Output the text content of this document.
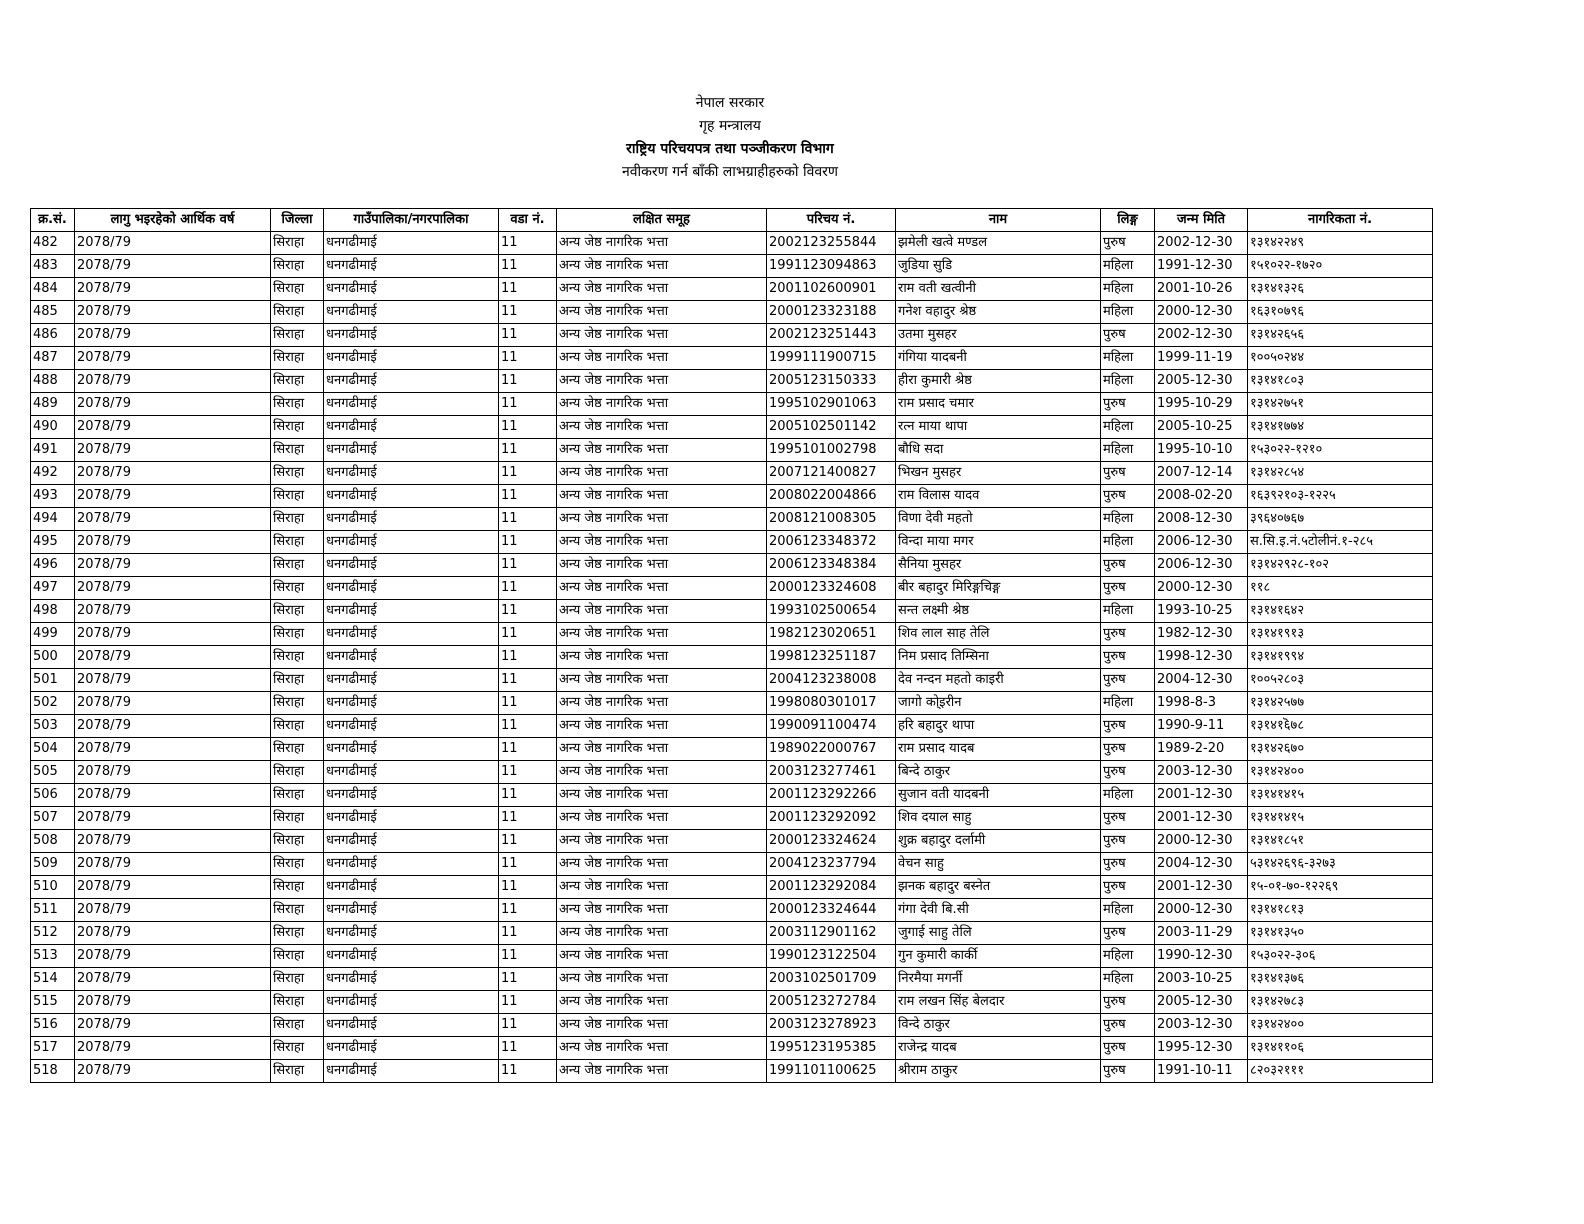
नेपाल सरकार
गृह मन्त्रालय
राष्ट्रिय परिचयपत्र तथा पञ्जीकरण विभाग
नवीकरण गर्न बाँकी लाभग्राहीहरुको विवरण
क्र.सं.	लागु भइरहेको आर्थिक वर्ष	जिल्ला	गाउँपालिका/नगरपालिका	वडा नं.	लक्षित समूह	परिचय नं.	नाम	लिङ्ग	जन्म मिति	नागरिकता नं.
482	2078/79	सिराहा	धनगढीमाई	11	अन्य जेष्ठ नागरिक भत्ता	2002123255844	झमेली खत्वे मण्डल	पुरुष	2002-12-30	१३१४२२४९
483	2078/79	सिराहा	धनगढीमाई	11	अन्य जेष्ठ नागरिक भत्ता	1991123094863	जुडिया सुडि	महिला	1991-12-30	१५१०२२-१७२०
484	2078/79	सिराहा	धनगढीमाई	11	अन्य जेष्ठ नागरिक भत्ता	2001102600901	राम वती खत्वीनी	महिला	2001-10-26	१३१४१३२६
485	2078/79	सिराहा	धनगढीमाई	11	अन्य जेष्ठ नागरिक भत्ता	2000123323188	गनेश वहादुर श्रेष्ठ	महिला	2000-12-30	१६३१०७९६
486	2078/79	सिराहा	धनगढीमाई	11	अन्य जेष्ठ नागरिक भत्ता	2002123251443	उतमा मुसहर	पुरुष	2002-12-30	१३१४२६५६
487	2078/79	सिराहा	धनगढीमाई	11	अन्य जेष्ठ नागरिक भत्ता	1999111900715	गंगिया यादबनी	महिला	1999-11-19	१००५०२४४
488	2078/79	सिराहा	धनगढीमाई	11	अन्य जेष्ठ नागरिक भत्ता	2005123150333	हीरा कुमारी श्रेष्ठ	महिला	2005-12-30	१३१४१८०३
489	2078/79	सिराहा	धनगढीमाई	11	अन्य जेष्ठ नागरिक भत्ता	1995102901063	राम प्रसाद चमार	पुरुष	1995-10-29	१३१४२७५१
490	2078/79	सिराहा	धनगढीमाई	11	अन्य जेष्ठ नागरिक भत्ता	2005102501142	रत्न माया थापा	महिला	2005-10-25	१३१४१७७४
491	2078/79	सिराहा	धनगढीमाई	11	अन्य जेष्ठ नागरिक भत्ता	1995101002798	बौधि सदा	महिला	1995-10-10	१५३०२२-१२१०
492	2078/79	सिराहा	धनगढीमाई	11	अन्य जेष्ठ नागरिक भत्ता	2007121400827	भिखन मुसहर	पुरुष	2007-12-14	१३१४२८५४
493	2078/79	सिराहा	धनगढीमाई	11	अन्य जेष्ठ नागरिक भत्ता	2008022004866	राम विलास यादव	पुरुष	2008-02-20	१६३९२१०३-१२२५
494	2078/79	सिराहा	धनगढीमाई	11	अन्य जेष्ठ नागरिक भत्ता	2008121008305	विणा देवी महतो	महिला	2008-12-30	३९६४०७६७
495	2078/79	सिराहा	धनगढीमाई	11	अन्य जेष्ठ नागरिक भत्ता	2006123348372	विन्दा माया मगर	महिला	2006-12-30	स.सि.इ.नं.५टोलीनं.१-२८५
496	2078/79	सिराहा	धनगढीमाई	11	अन्य जेष्ठ नागरिक भत्ता	2006123348384	सैनिया मुसहर	पुरुष	2006-12-30	१३१४२९२८-१०२
497	2078/79	सिराहा	धनगढीमाई	11	अन्य जेष्ठ नागरिक भत्ता	2000123324608	बीर बहादुर मिरिङ्गचिङ्ग	पुरुष	2000-12-30	११८
498	2078/79	सिराहा	धनगढीमाई	11	अन्य जेष्ठ नागरिक भत्ता	1993102500654	सन्त लक्ष्मी श्रेष्ठ	महिला	1993-10-25	१३१४१६४२
499	2078/79	सिराहा	धनगढीमाई	11	अन्य जेष्ठ नागरिक भत्ता	1982123020651	शिव लाल साह तेलि	पुरुष	1982-12-30	१३१४१९१३
500	2078/79	सिराहा	धनगढीमाई	11	अन्य जेष्ठ नागरिक भत्ता	1998123251187	निम प्रसाद तिम्सिना	पुरुष	1998-12-30	१३१४१९९४
501	2078/79	सिराहा	धनगढीमाई	11	अन्य जेष्ठ नागरिक भत्ता	2004123238008	देव नन्दन महतो काइरी	पुरुष	2004-12-30	१००५२८०३
502	2078/79	सिराहा	धनगढीमाई	11	अन्य जेष्ठ नागरिक भत्ता	1998080301017	जागो का्ेइरीन	महिला	1998-8-3	१३१४२५७७
503	2078/79	सिराहा	धनगढीमाई	11	अन्य जेष्ठ नागरिक भत्ता	1990091100474	हरि बहादुर थापा	पुरुष	1990-9-11	१३१४१६ॆ७८
504	2078/79	सिराहा	धनगढीमाई	11	अन्य जेष्ठ नागरिक भत्ता	1989022000767	राम प्रसाद यादब	पुरुष	1989-2-20	१३१४२६७०
505	2078/79	सिराहा	धनगढीमाई	11	अन्य जेष्ठ नागरिक भत्ता	2003123277461	बिन्दे ठाकुर	पुरुष	2003-12-30	१३१४२४००
506	2078/79	सिराहा	धनगढीमाई	11	अन्य जेष्ठ नागरिक भत्ता	2001123292266	सुजान वती यादबनी	महिला	2001-12-30	१३१४१४१५
507	2078/79	सिराहा	धनगढीमाई	11	अन्य जेष्ठ नागरिक भत्ता	2001123292092	शिव दयाल साहु	पुरुष	2001-12-30	१३१४१४१५
508	2078/79	सिराहा	धनगढीमाई	11	अन्य जेष्ठ नागरिक भत्ता	2000123324624	शुक्र बहादुर दर्लामी	पुरुष	2000-12-30	१३१४१८५१
509	2078/79	सिराहा	धनगढीमाई	11	अन्य जेष्ठ नागरिक भत्ता	2004123237794	वेचन साहु	पुरुष	2004-12-30	५३१४२६९६-३२७३
510	2078/79	सिराहा	धनगढीमाई	11	अन्य जेष्ठ नागरिक भत्ता	2001123292084	झनक बहादुर बस्नेत	पुरुष	2001-12-30	१५-०१-७०-१२२६९
511	2078/79	सिराहा	धनगढीमाई	11	अन्य जेष्ठ नागरिक भत्ता	2000123324644	गंगा देवी बि.सी	महिला	2000-12-30	१३१४१८१३
512	2078/79	सिराहा	धनगढीमाई	11	अन्य जेष्ठ नागरिक भत्ता	2003112901162	जुगाई साहु तेलि	पुरुष	2003-11-29	१३१४१३५०
513	2078/79	सिराहा	धनगढीमाई	11	अन्य जेष्ठ नागरिक भत्ता	1990123122504	गुन कुमारी कार्की	महिला	1990-12-30	१५३०२२-३०६
514	2078/79	सिराहा	धनगढीमाई	11	अन्य जेष्ठ नागरिक भत्ता	2003102501709	निरमैया मगर्नी	महिला	2003-10-25	१३१४१३७६
515	2078/79	सिराहा	धनगढीमाई	11	अन्य जेष्ठ नागरिक भत्ता	2005123272784	राम लखन सिंह बेलदार	पुरुष	2005-12-30	१३१४२७८३
516	2078/79	सिराहा	धनगढीमाई	11	अन्य जेष्ठ नागरिक भत्ता	2003123278923	विन्दे ठाकुर	पुरुष	2003-12-30	१३१४२४००
517	2078/79	सिराहा	धनगढीमाई	11	अन्य जेष्ठ नागरिक भत्ता	1995123195385	राजेन्द्र यादब	पुरुष	1995-12-30	१३१४११०६
518	2078/79	सिराहा	धनगढीमाई	11	अन्य जेष्ठ नागरिक भत्ता	1991101100625	श्रीराम ठाकुर	पुरुष	1991-10-11	८२०३२१११
